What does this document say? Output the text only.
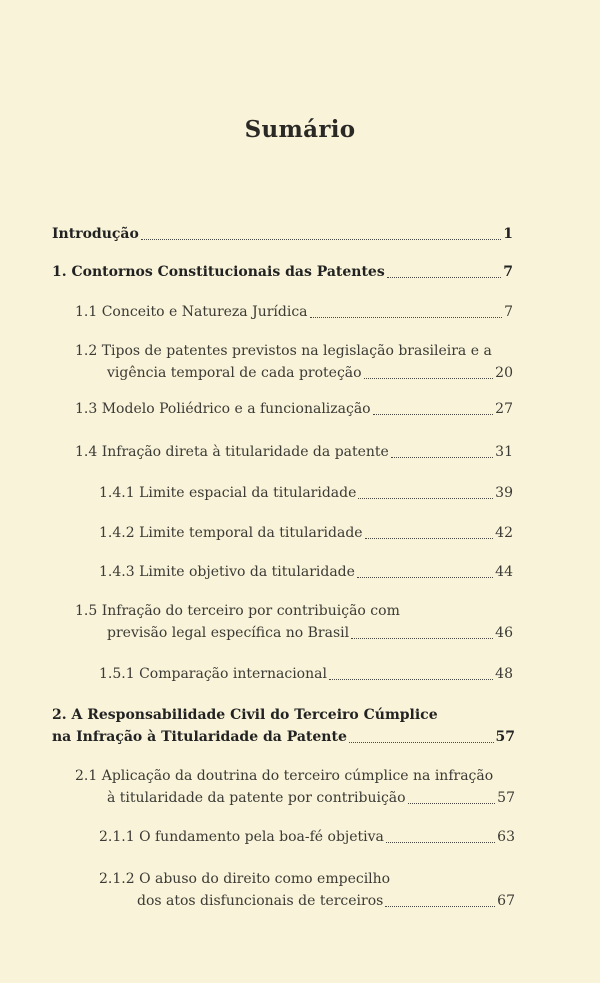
Sumário
Introdução	1
1. Contornos Constitucionais das Patentes	7
1.1 Conceito e Natureza Jurídica	7
1.2 Tipos de patentes previstos na legislação brasileira e a
vigência temporal de cada proteção	20
1.3 Modelo Poliédrico e a funcionalização	27
1.4 Infração direta à titularidade da patente	31
1.4.1 Limite espacial da titularidade	39
1.4.2 Limite temporal da titularidade	42
1.4.3 Limite objetivo da titularidade	44
1.5 Infração do terceiro por contribuição com
previsão legal específica no Brasil	46
1.5.1 Comparação internacional	48
2. A Responsabilidade Civil do Terceiro Cúmplice
na Infração à Titularidade da Patente	57
2.1 Aplicação da doutrina do terceiro cúmplice na infração
à titularidade da patente por contribuição	57
2.1.1 O fundamento pela boa-fé objetiva	63
2.1.2 O abuso do direito como empecilho
dos atos disfuncionais de terceiros	67
